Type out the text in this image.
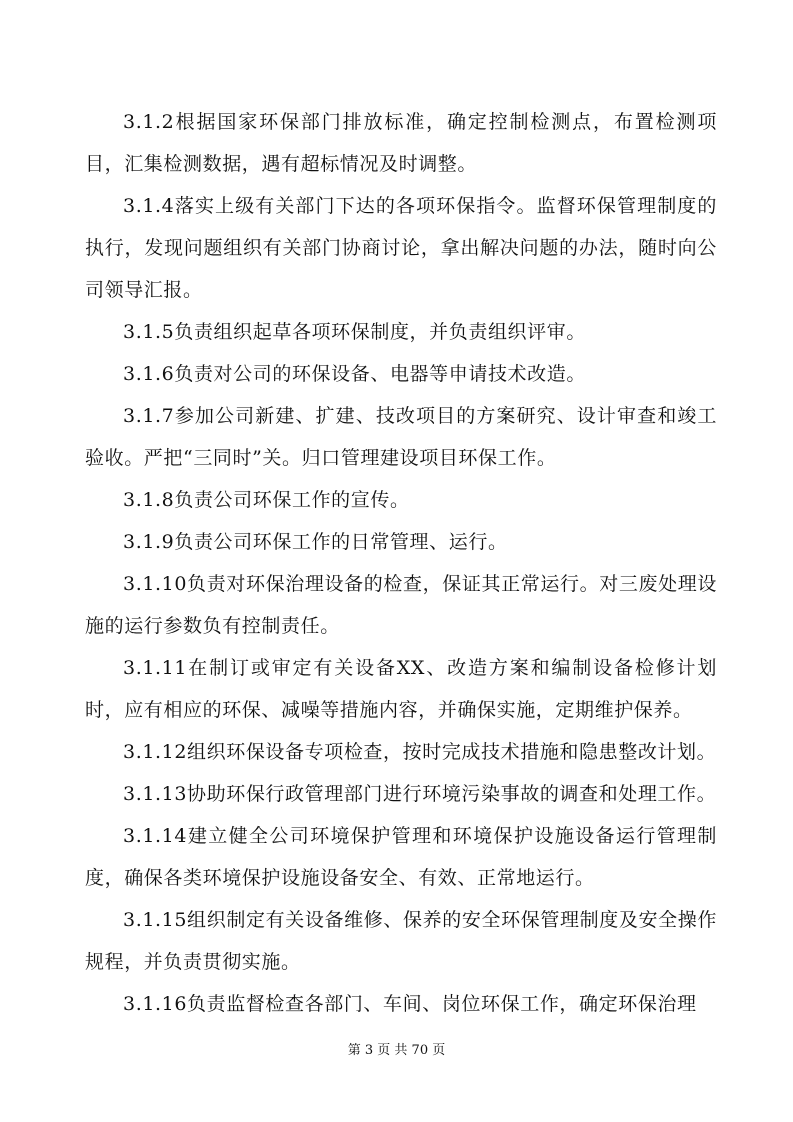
3.1.2根据国家环保部门排放标准，确定控制检测点，布置检测项目，汇集检测数据，遇有超标情况及时调整。

3.1.4落实上级有关部门下达的各项环保指令。监督环保管理制度的执行，发现问题组织有关部门协商讨论，拿出解决问题的办法，随时向公司领导汇报。

3.1.5负责组织起草各项环保制度，并负责组织评审。

3.1.6负责对公司的环保设备、电器等申请技术改造。

3.1.7参加公司新建、扩建、技改项目的方案研究、设计审查和竣工验收。严把“三同时”关。归口管理建设项目环保工作。

3.1.8负责公司环保工作的宣传。

3.1.9负责公司环保工作的日常管理、运行。

3.1.10负责对环保治理设备的检查，保证其正常运行。对三废处理设施的运行参数负有控制责任。

3.1.11在制订或审定有关设备XX、改造方案和编制设备检修计划时，应有相应的环保、减噪等措施内容，并确保实施，定期维护保养。

3.1.12组织环保设备专项检查，按时完成技术措施和隐患整改计划。

3.1.13协助环保行政管理部门进行环境污染事故的调查和处理工作。

3.1.14建立健全公司环境保护管理和环境保护设施设备运行管理制度，确保各类环境保护设施设备安全、有效、正常地运行。

3.1.15组织制定有关设备维修、保养的安全环保管理制度及安全操作规程，并负责贯彻实施。

3.1.16负责监督检查各部门、车间、岗位环保工作，确定环保治理

第 3 页 共 70 页
